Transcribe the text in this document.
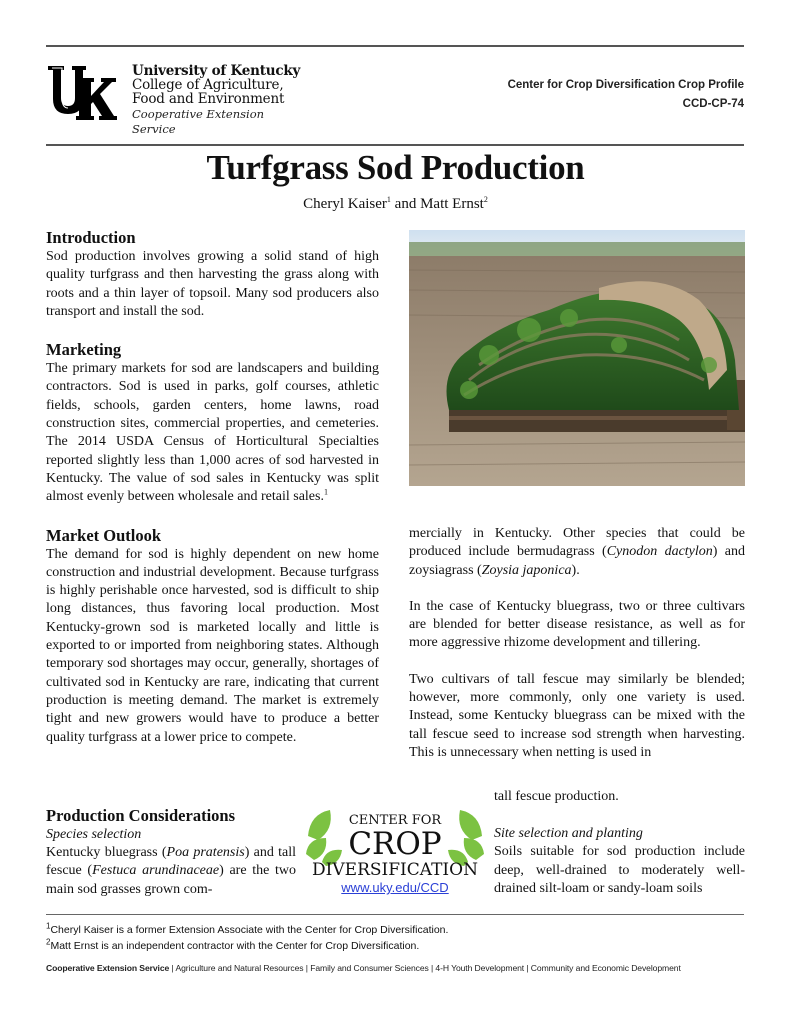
University of Kentucky
College of Agriculture,
Food and Environment
Cooperative Extension Service
Center for Crop Diversification Crop Profile
CCD-CP-74
Turfgrass Sod Production
Cheryl Kaiser$^1$ and Matt Ernst$^2$
Introduction

Sod production involves growing a solid stand of high quality turfgrass and then harvesting the grass along with roots and a thin layer of topsoil. Many sod producers also transport and install the sod.

Marketing

The primary markets for sod are landscapers and building contractors. Sod is used in parks, golf courses, athletic fields, schools, garden centers, home lawns, road construction sites, commercial properties, and cemeteries. The 2014 USDA Census of Horticultural Specialties reported slightly less than 1,000 acres of sod harvested in Kentucky. The value of sod sales in Kentucky was split almost evenly between wholesale and retail sales.$^1$

Market Outlook

The demand for sod is highly dependent on new home construction and industrial development. Because turfgrass is highly perishable once harvested, sod is difficult to ship long distances, thus favoring local production. Most Kentucky-grown sod is marketed locally and little is exported to or imported from neighboring states. Although temporary sod shortages may occur, generally, shortages of cultivated sod in Kentucky are rare, indicating that current production is meeting demand. The market is extremely tight and new growers would have to produce a better quality turfgrass at a lower price to compete.

Production Considerations
Species selection

Kentucky bluegrass (Poa pratensis) and tall fescue (Festuca arundinaceae) are the two main sod grasses grown com-

mercially in Kentucky. Other species that could be produced include bermudagrass (Cynodon dactylon) and zoysiagrass (Zoysia japonica).

In the case of Kentucky bluegrass, two or three cultivars are blended for better disease resistance, as well as for more aggressive rhizome development and tillering.

Two cultivars of tall fescue may similarly be blended; however, more commonly, only one variety is used. Instead, some Kentucky bluegrass can be mixed with the tall fescue seed to increase sod strength when harvesting. This is unnecessary when netting is used in

tall fescue production.

Site selection and planting

Soils suitable for sod production include deep, well-drained to moderately well-drained silt-loam or sandy-loam soils

CENTER FOR
CROP
DIVERSIFICATION
www.uky.edu/CCD
$^1$Cheryl Kaiser is a former Extension Associate with the Center for Crop Diversification.
$^2$Matt Ernst is an independent contractor with the Center for Crop Diversification.
Cooperative Extension Service | Agriculture and Natural Resources | Family and Consumer Sciences | 4-H Youth Development | Community and Economic Development
